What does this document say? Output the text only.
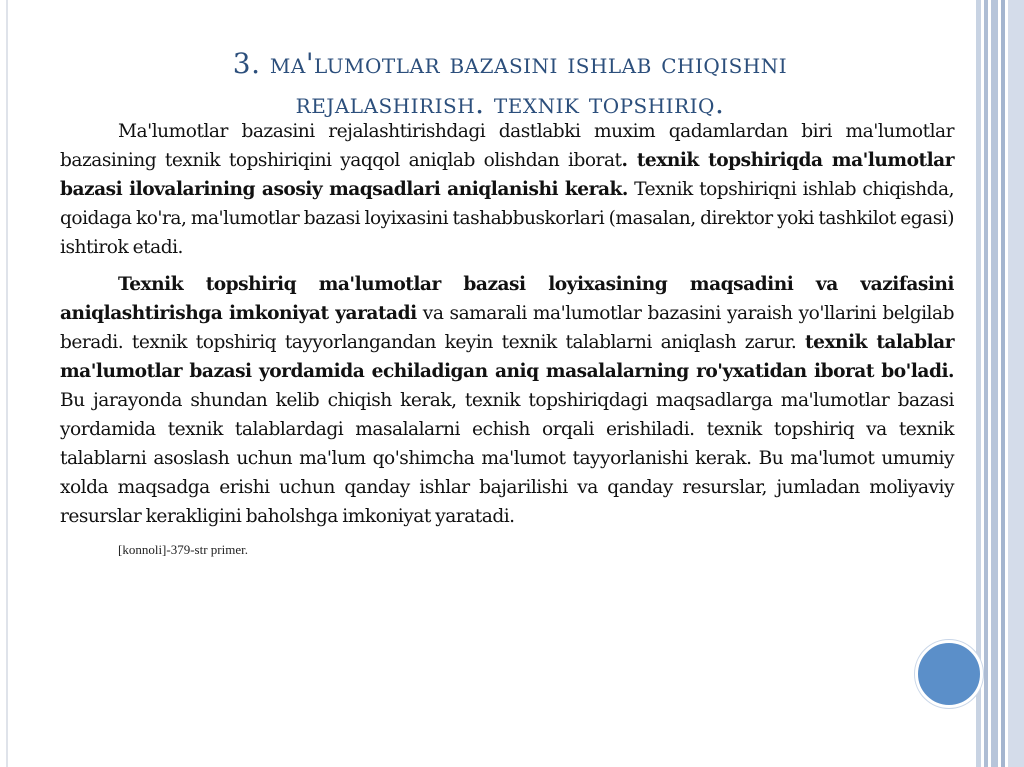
3. ma'lumotlar bazasini ishlab chiqishni
rejalashirish. texnik topshiriq.

Ma'lumotlar bazasini rejalashtirishdagi dastlabki muxim qadamlardan biri ma'lumotlar bazasining texnik topshiriqini yaqqol aniqlab olishdan iborat. texnik topshiriqda ma'lumotlar bazasi ilovalarining asosiy maqsadlari aniqlanishi kerak. Texnik topshiriqni ishlab chiqishda, qoidaga ko'ra, ma'lumotlar bazasi loyixasini tashabbuskorlari (masalan, direktor yoki tashkilot egasi) ishtirok etadi.

Texnik topshiriq ma'lumotlar bazasi loyixasining maqsadini va vazifasini aniqlashtirishga imkoniyat yaratadi va samarali ma'lumotlar bazasini yaraish yo'llarini belgilab beradi. texnik topshiriq tayyorlangandan keyin texnik talablarni aniqlash zarur. texnik talablar ma'lumotlar bazasi yordamida echiladigan aniq masalalarning ro'yxatidan iborat bo'ladi. Bu jarayonda shundan kelib chiqish kerak, texnik topshiriqdagi maqsadlarga ma'lumotlar bazasi yordamida texnik talablardagi masalalarni echish orqali erishiladi. texnik topshiriq va texnik talablarni asoslash uchun ma'lum qo'shimcha ma'lumot tayyorlanishi kerak. Bu ma'lumot umumiy xolda maqsadga erishi uchun qanday ishlar bajarilishi va qanday resurslar, jumladan moliyaviy resurslar kerakligini baholshga imkoniyat yaratadi.

[konnoli]-379-str primer.
